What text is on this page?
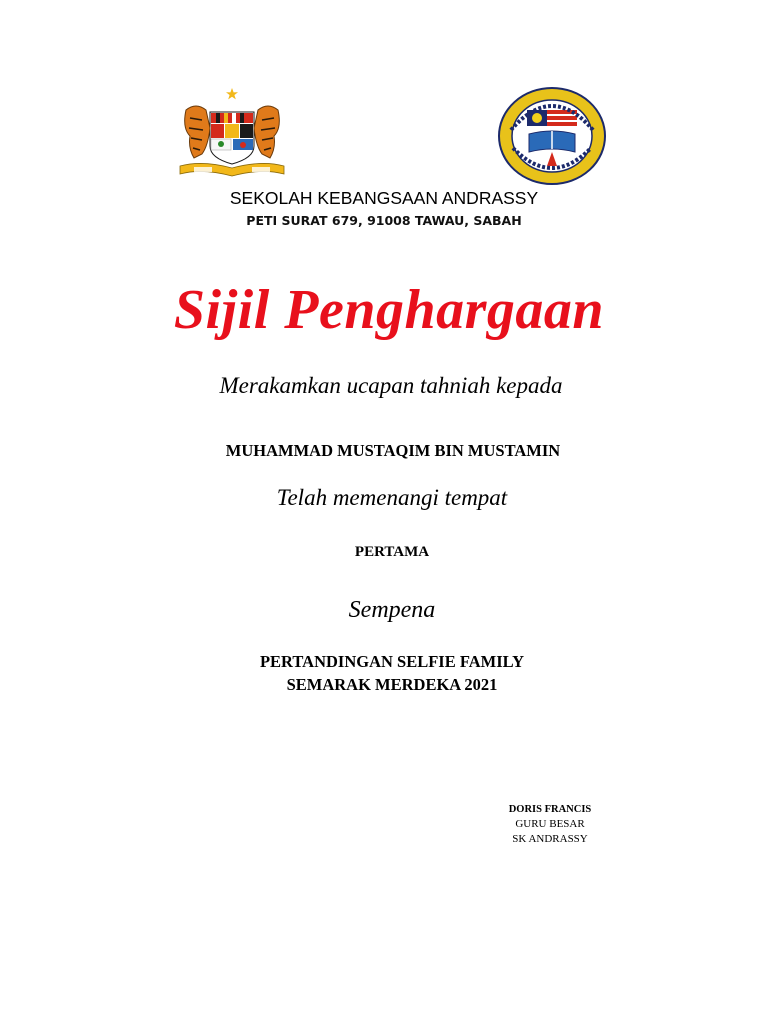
SEKOLAH KEBANGSAAN ANDRASSY
PETI SURAT 679, 91008 TAWAU, SABAH
Sijil Penghargaan
Merakamkan ucapan tahniah kepada
MUHAMMAD MUSTAQIM BIN MUSTAMIN
Telah memenangi tempat
PERTAMA
Sempena
PERTANDINGAN SELFIE FAMILY
SEMARAK MERDEKA 2021
DORIS FRANCIS
GURU BESAR
SK ANDRASSY
